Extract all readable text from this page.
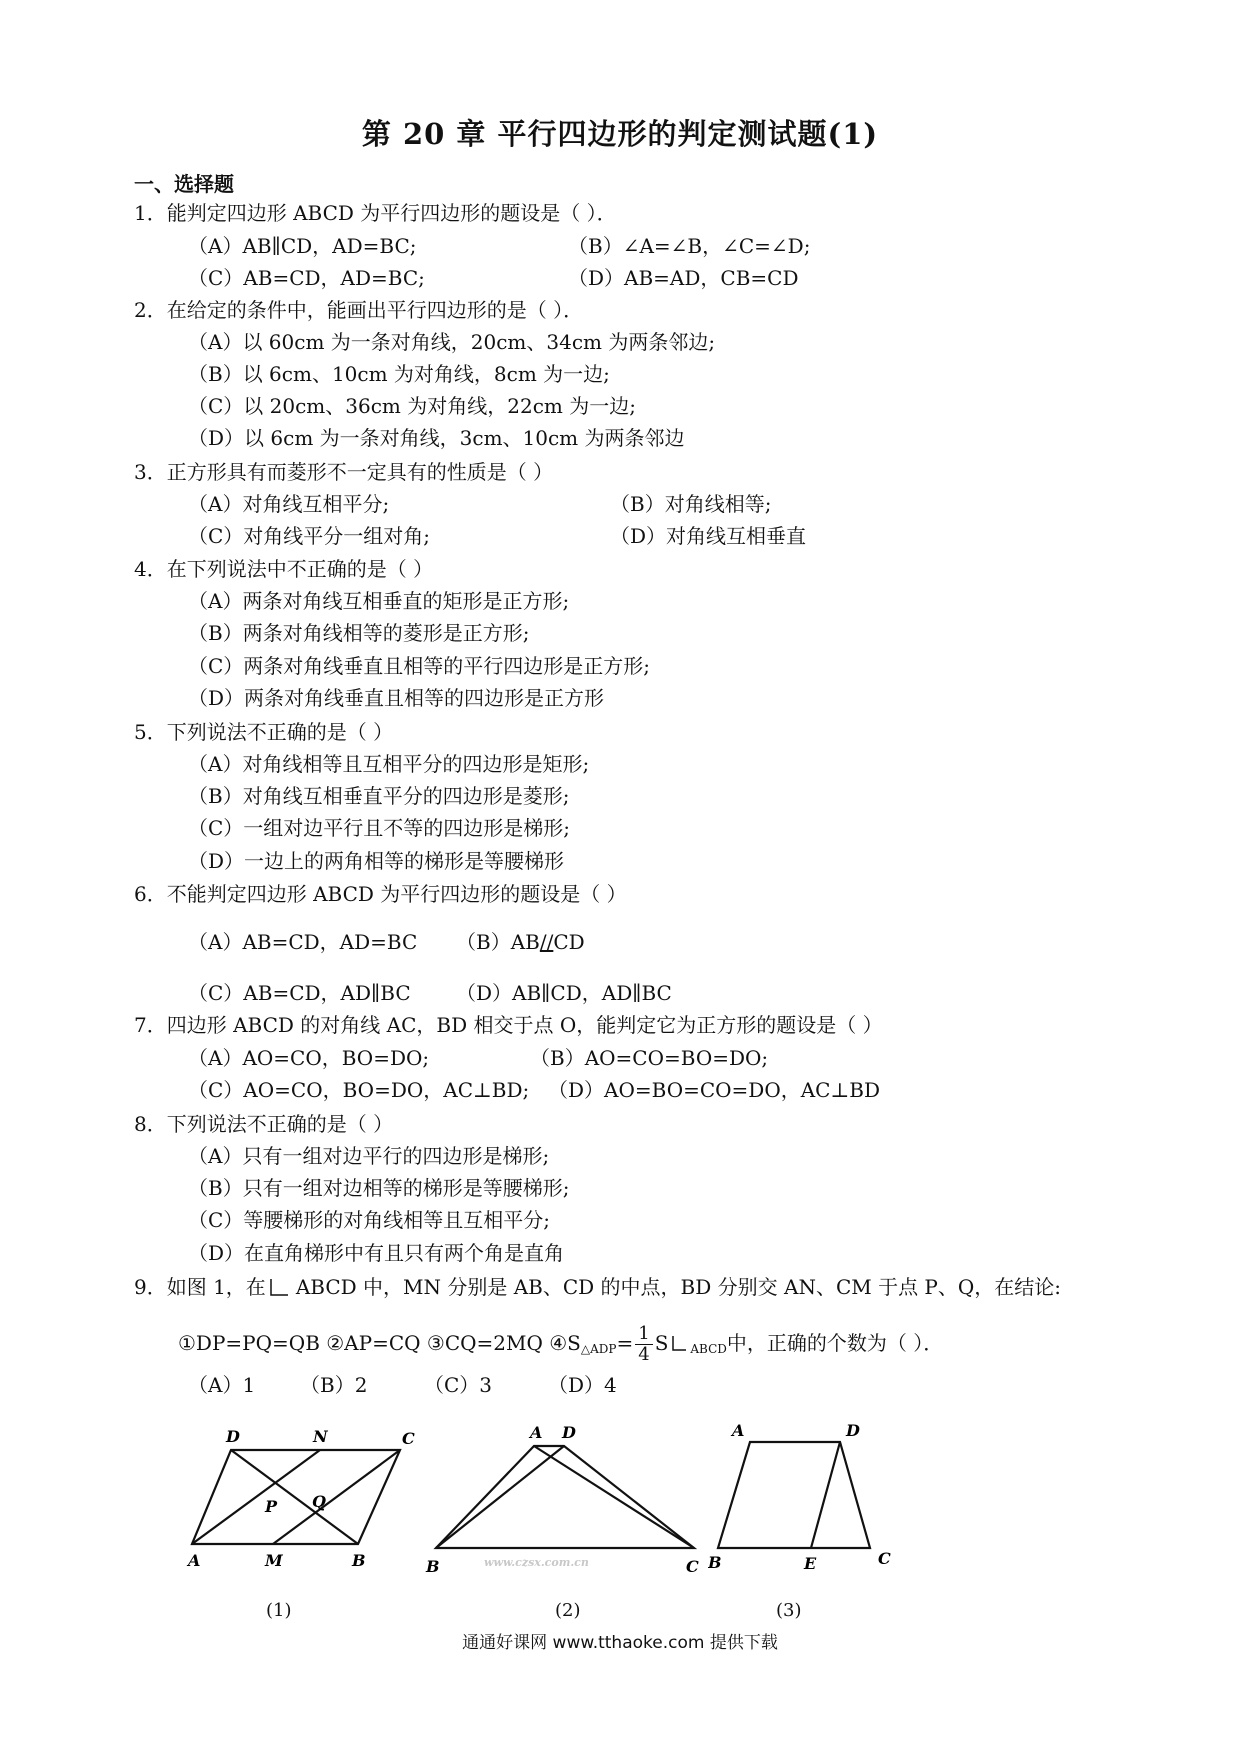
第 20 章 平行四边形的判定测试题(1)
一、选择题
1．能判定四边形 ABCD 为平行四边形的题设是（ ）．
（A）AB∥CD，AD=BC;	（B）∠A=∠B，∠C=∠D;
（C）AB=CD，AD=BC;	（D）AB=AD，CB=CD
2．在给定的条件中，能画出平行四边形的是（ ）．
（A）以 60cm 为一条对角线，20cm、34cm 为两条邻边;
（B）以 6cm、10cm 为对角线，8cm 为一边;
（C）以 20cm、36cm 为对角线，22cm 为一边;
（D）以 6cm 为一条对角线，3cm、10cm 为两条邻边
3．正方形具有而菱形不一定具有的性质是（ ）
（A）对角线互相平分;	（B）对角线相等;
（C）对角线平分一组对角;	（D）对角线互相垂直
4．在下列说法中不正确的是（ ）
（A）两条对角线互相垂直的矩形是正方形;
（B）两条对角线相等的菱形是正方形;
（C）两条对角线垂直且相等的平行四边形是正方形;
（D）两条对角线垂直且相等的四边形是正方形
5．下列说法不正确的是（ ）
（A）对角线相等且互相平分的四边形是矩形;
（B）对角线互相垂直平分的四边形是菱形;
（C）一组对边平行且不等的四边形是梯形;
（D）一边上的两角相等的梯形是等腰梯形
6．不能判定四边形 ABCD 为平行四边形的题设是（ ）
（A）AB=CD，AD=BC （B）AB//CD
（C）AB=CD，AD∥BC （D）AB∥CD，AD∥BC
7．四边形 ABCD 的对角线 AC，BD 相交于点 O，能判定它为正方形的题设是（ ）
（A）AO=CO，BO=DO;	（B）AO=CO=BO=DO;
（C）AO=CO，BO=DO，AC⊥BD; （D）AO=BO=CO=DO，AC⊥BD
8．下列说法不正确的是（ ）
（A）只有一组对边平行的四边形是梯形;
（B）只有一组对边相等的梯形是等腰梯形;
（C）等腰梯形的对角线相等且互相平分;
（D）在直角梯形中有且只有两个角是直角
9．如图 1，在 ABCD 中，MN 分别是 AB、CD 的中点，BD 分别交 AN、CM 于点 P、Q，在结论:
①DP=PQ=QB ②AP=CQ ③CQ=2MQ $④S_{\triangle ADP}= \frac{1}{4}$ S $_{ABCD}$中，正确的个数为（ ）．
（A）1 （B）2	（C）3	（D）4
D	N	C
P Q
A	M	B	www.czsx.com.cn
A D
B	C
A	D
B	E	C
(1)	(2)	(3)
通通好课网 www.tthaoke.com 提供下载
